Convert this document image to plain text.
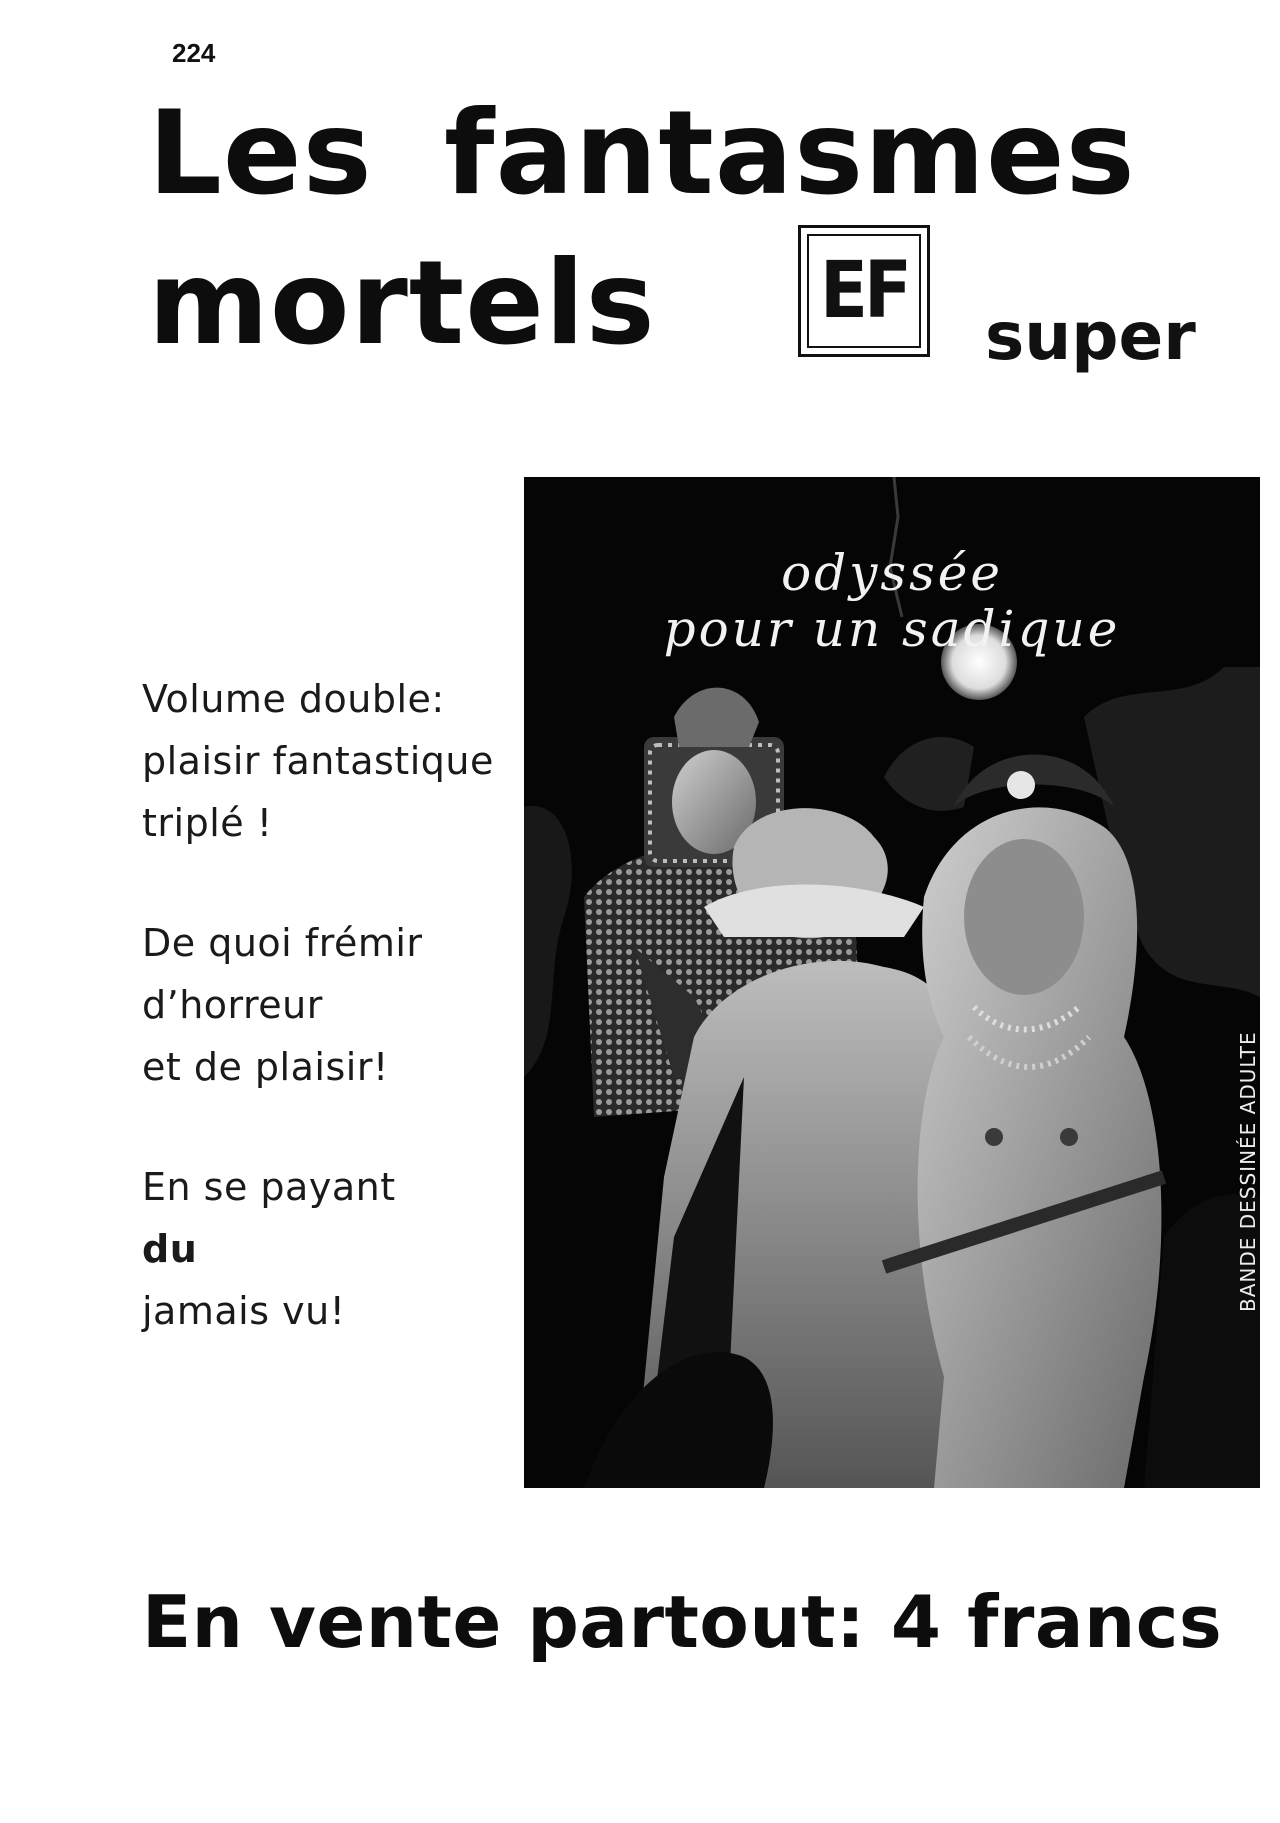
224
Les fantasmes
mortels EF
super
Volume double:
plaisir fantastique
triplé !
De quoi frémir
d’horreur
et de plaisir!
En se payant
du
jamais vu!
odyssée
pour un sadique
BANDE DESSINÉE ADULTE
En vente partout: 4 francs
